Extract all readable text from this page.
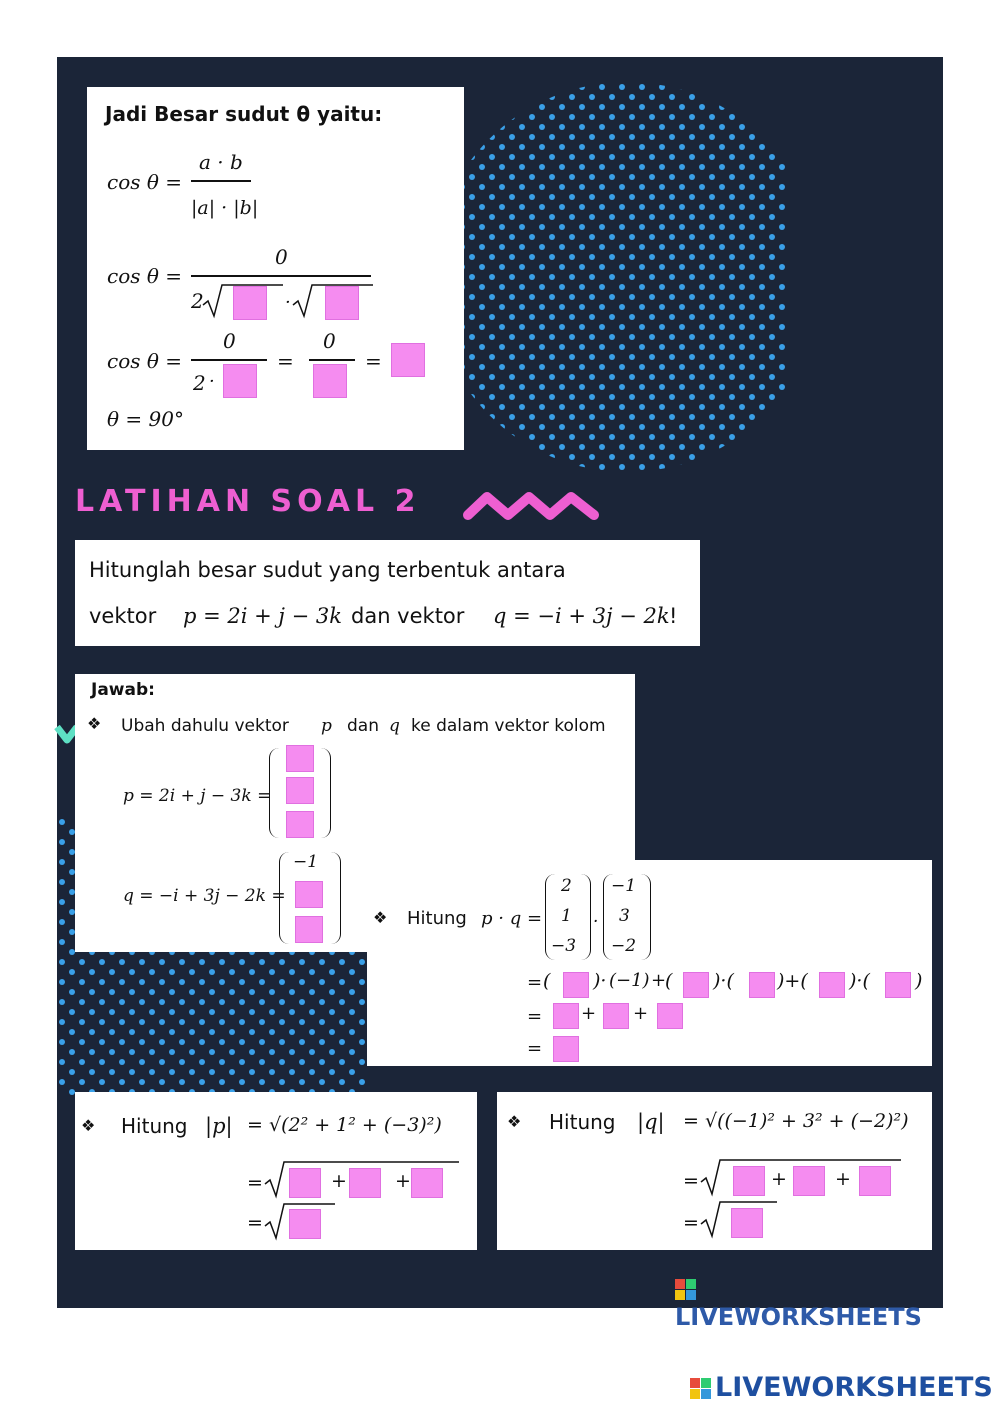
Jadi Besar sudut θ yaitu:
cos θ =
a · b
|a| · |b|
cos θ =
0
2	·
cos θ =
0
2 ·
=
0
=
θ = 90°
LATIHAN SOAL 2
Hitunglah besar sudut yang terbentuk antara
vektor p = 2i + j − 3k dan vektor q = −i + 3j − 2k !
Jawab:
❖ Ubah dahulu vektor p dan q ke dalam vektor kolom
p = 2i + j − 3k =
q = −i + 3j − 2k =
−1
❖ Hitung p · q =
2
1
−3
·
−1
3
−2
= ( )· (−1) +
( )·( )+( )·( )
= + +
=
❖ Hitung |p| = √(2² + 1² + (−3)²)
=	+	+
=
❖ Hitung |q| = √((−1)² + 3² + (−2)²)
=	+	+
=
LIVEWORKSHEETS
LIVEWORKSHEETS
